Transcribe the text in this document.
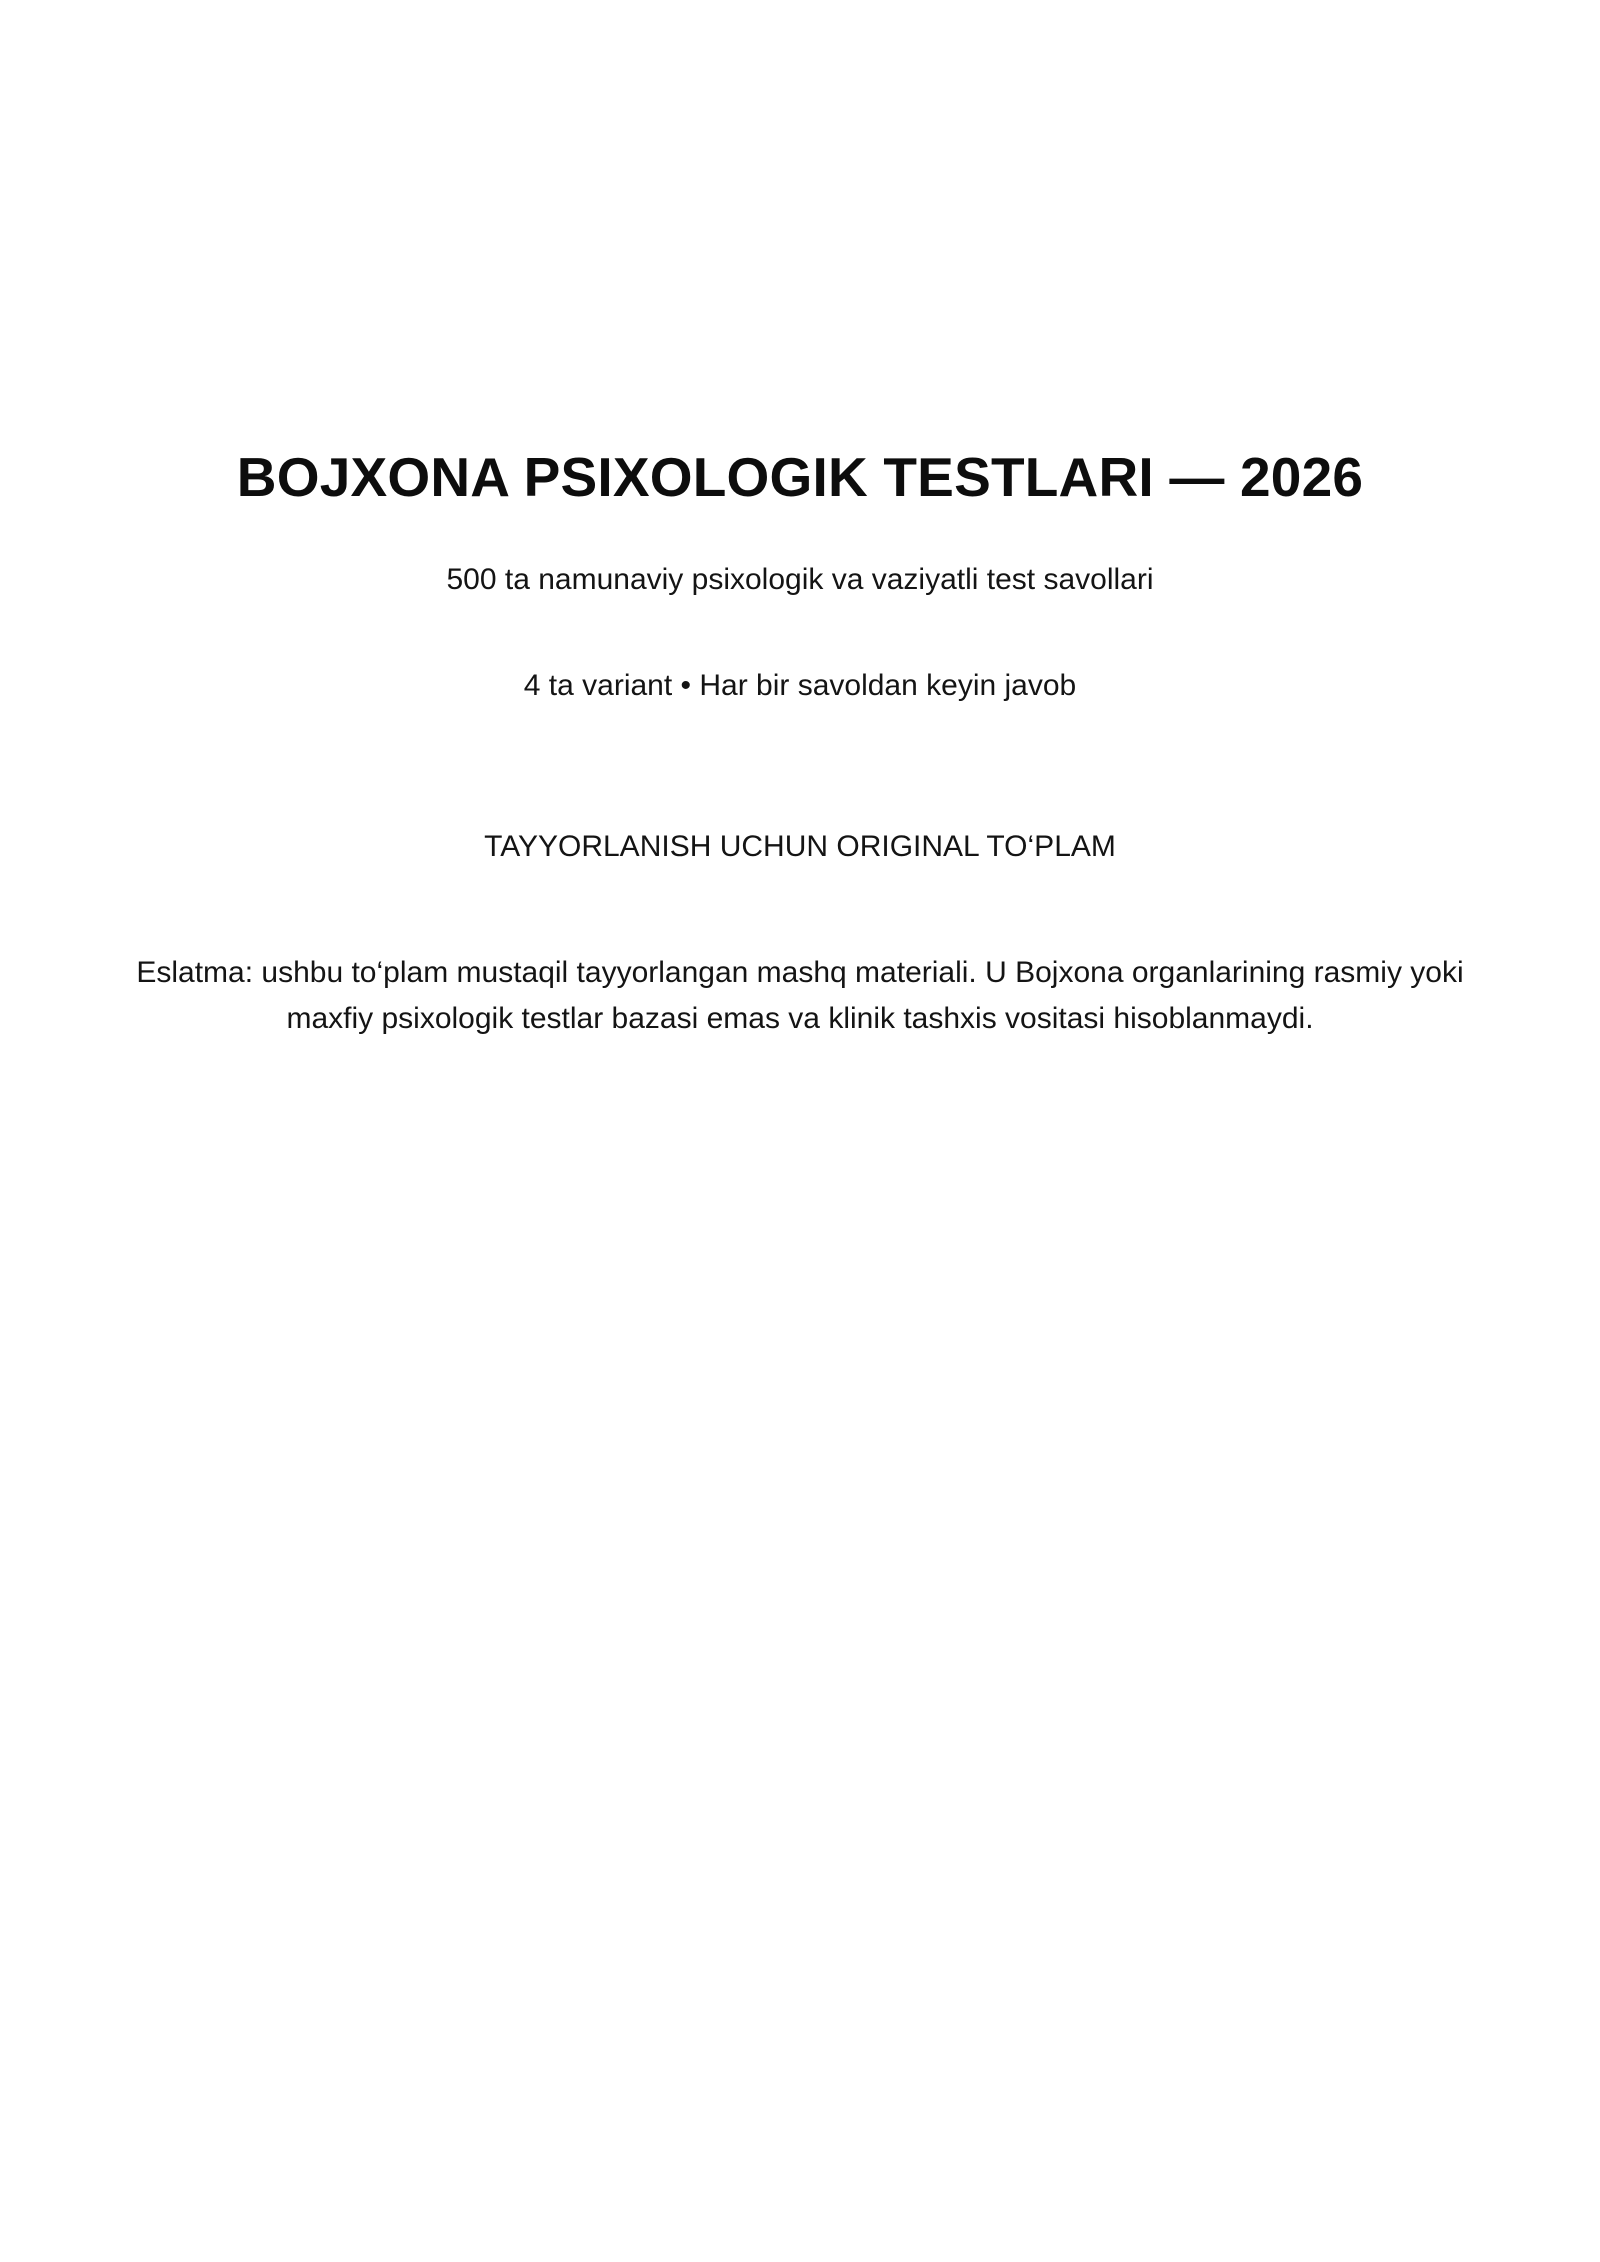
BOJXONA PSIXOLOGIK TESTLARI — 2026
500 ta namunaviy psixologik va vaziyatli test savollari
4 ta variant • Har bir savoldan keyin javob
TAYYORLANISH UCHUN ORIGINAL TO‘PLAM

Eslatma: ushbu to‘plam mustaqil tayyorlangan mashq materiali. U Bojxona organlarining rasmiy yoki maxfiy psixologik testlar bazasi emas va klinik tashxis vositasi hisoblanmaydi.
